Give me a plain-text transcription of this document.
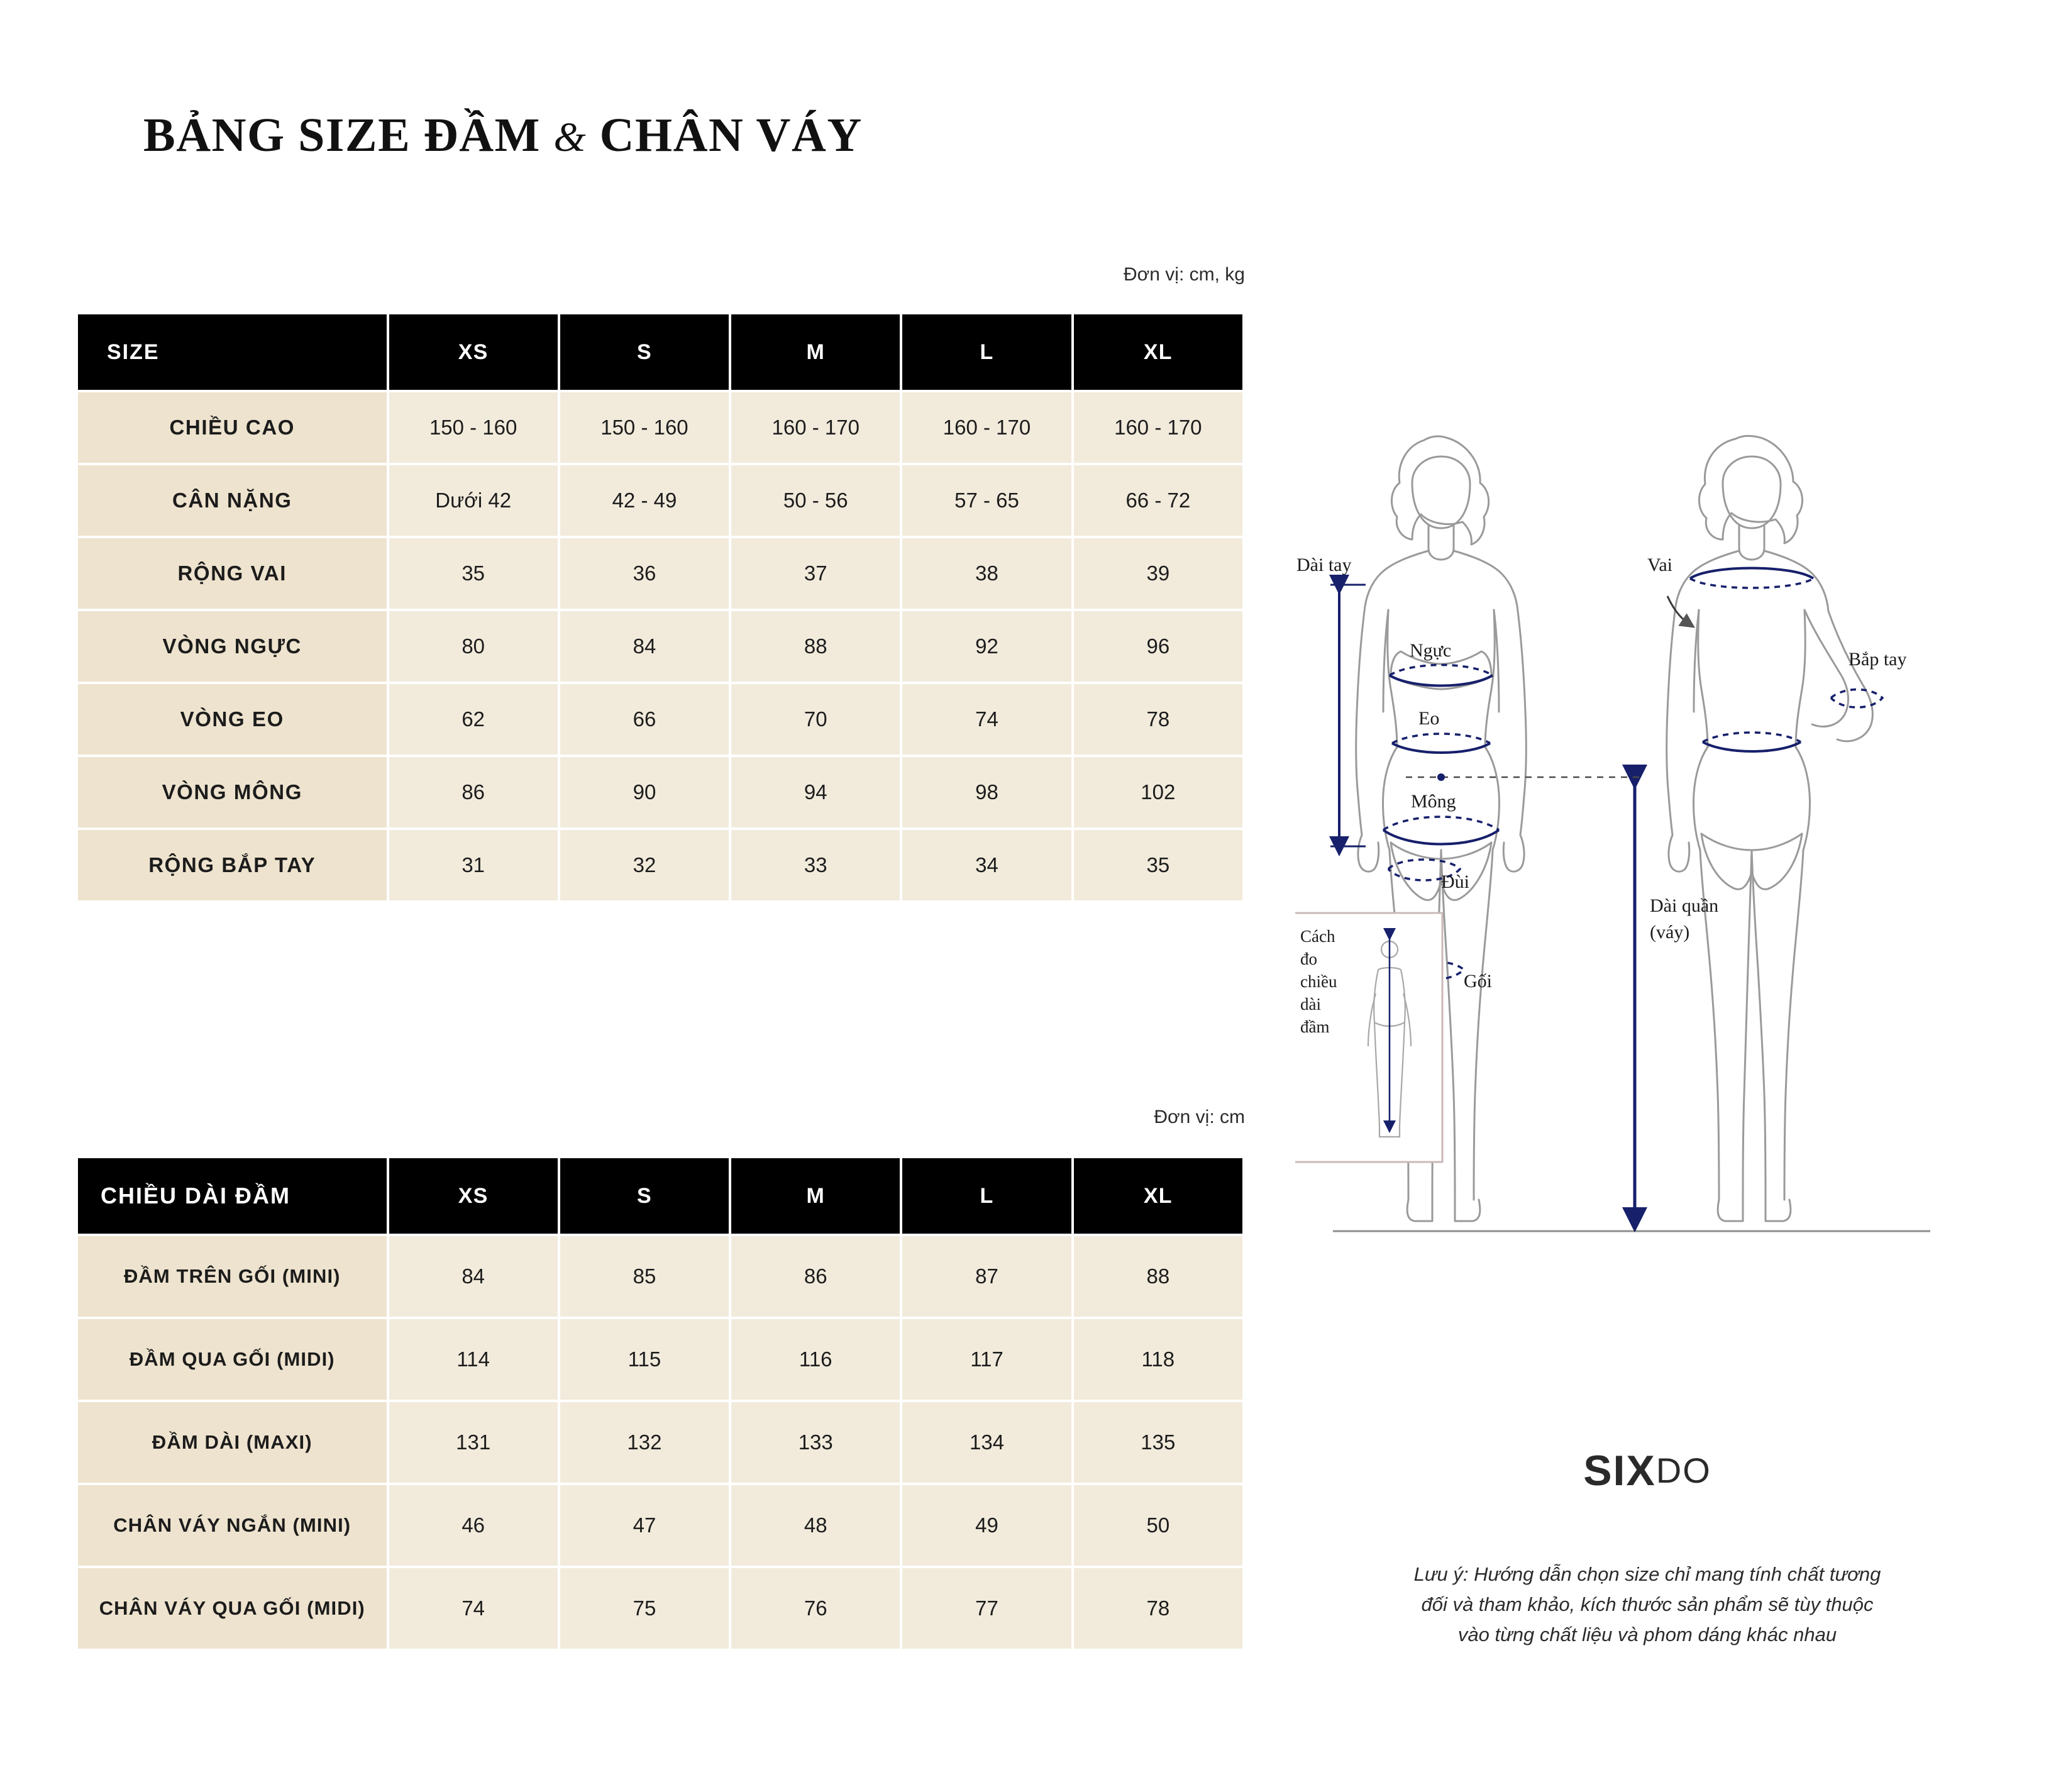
BẢNG SIZE ĐẦM & CHÂN VÁY
Đơn vị: cm, kg
SIZE	XS	S	M	L	XL
CHIỀU CAO	150 - 160	150 - 160	160 - 170	160 - 170	160 - 170
CÂN NẶNG	Dưới 42	42 - 49	50 - 56	57 - 65	66 - 72
RỘNG VAI	35	36	37	38	39
VÒNG NGỰC	80	84	88	92	96
VÒNG EO	62	66	70	74	78
VÒNG MÔNG	86	90	94	98	102
RỘNG BẮP TAY	31	32	33	34	35
Đơn vị: cm
CHIỀU DÀI ĐẦM	XS	S	M	L	XL
ĐẦM TRÊN GỐI (MINI)	84	85	86	87	88
ĐẦM QUA GỐI (MIDI)	114	115	116	117	118
ĐẦM DÀI (MAXI)	131	132	133	134	135
CHÂN VÁY NGẮN (MINI)	46	47	48	49	50
CHÂN VÁY QUA GỐI (MIDI)	74	75	76	77	78
Dài tay
Ngực
Eo
Mông
Đùi
Gối
Vai
Bắp tay
Dài quần
(váy)
Cách
đo
chiều
dài
đầm
SIXDO
Lưu ý: Hướng dẫn chọn size chỉ mang tính chất tương
đối và tham khảo, kích thước sản phẩm sẽ tùy thuộc
vào từng chất liệu và phom dáng khác nhau
